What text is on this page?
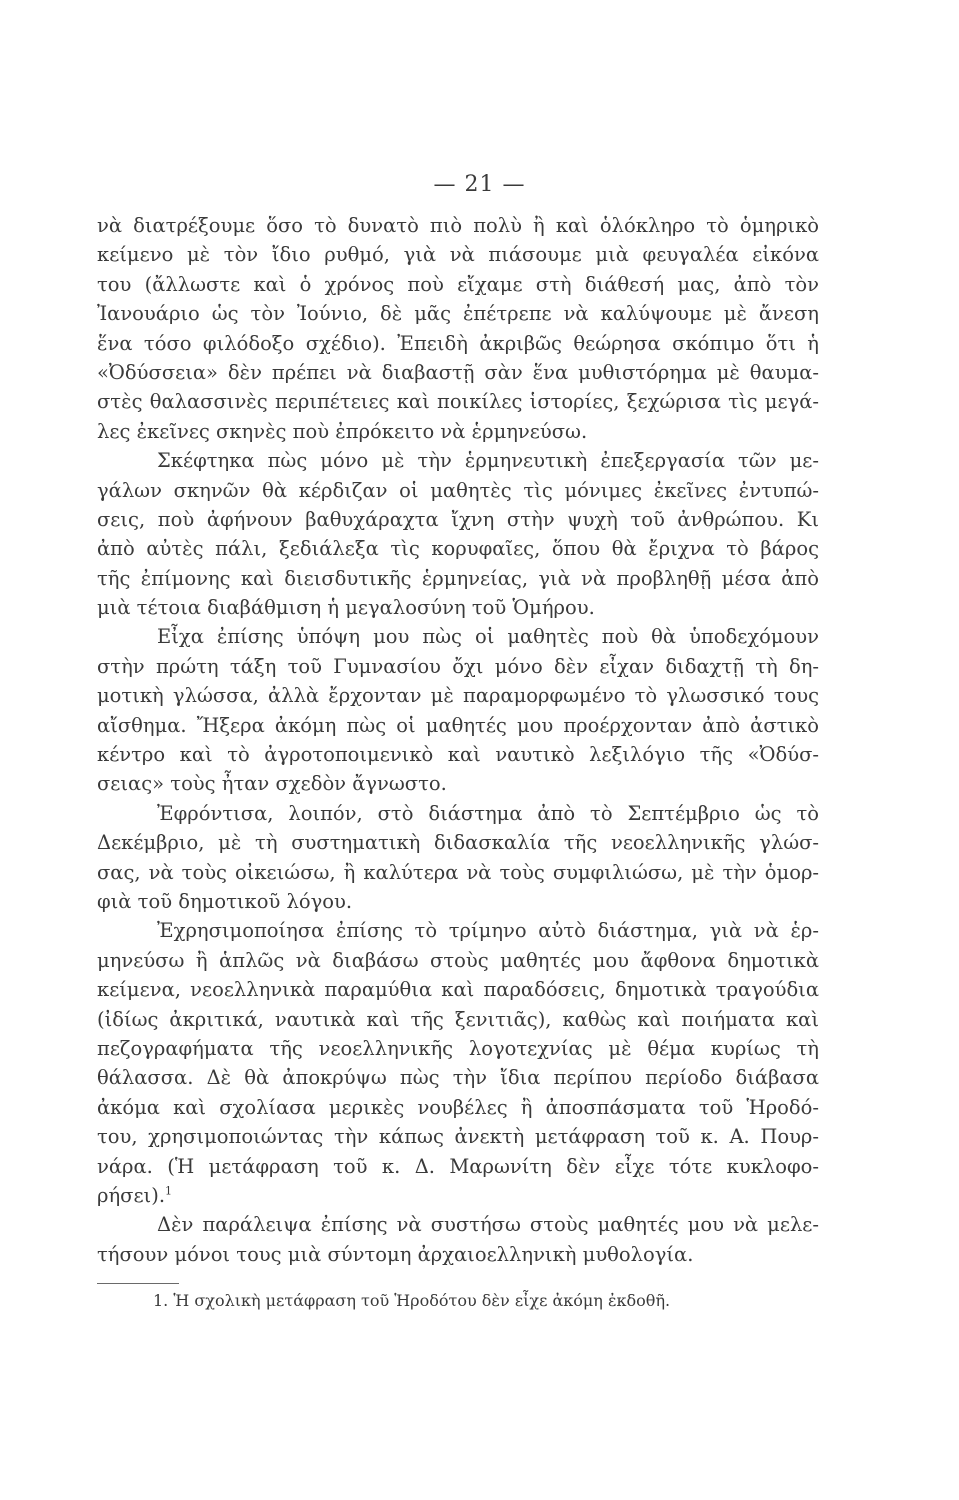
— 21 —
νὰ διατρέξουμε ὅσο τὸ δυνατὸ πιὸ πολὺ ἢ καὶ ὁλόκληρο τὸ ὁμηρικὸ
κείμενο μὲ τὸν ἴδιο ρυθμό, γιὰ νὰ πιάσουμε μιὰ φευγαλέα εἰκόνα
του (ἄλλωστε καὶ ὁ χρόνος ποὺ εἴχαμε στὴ διάθεσή μας, ἀπὸ τὸν
Ἰανουάριο ὡς τὸν Ἰούνιο, δὲ μᾶς ἐπέτρεπε νὰ καλύψουμε μὲ ἄνεση
ἕνα τόσο φιλόδοξο σχέδιο). Ἐπειδὴ ἀκριβῶς θεώρησα σκόπιμο ὅτι ἡ
«Ὀδύσσεια» δὲν πρέπει νὰ διαβαστῇ σὰν ἕνα μυθιστόρημα μὲ θαυμα-
στὲς θαλασσινὲς περιπέτειες καὶ ποικίλες ἱστορίες, ξεχώρισα τὶς μεγά-
λες ἐκεῖνες σκηνὲς ποὺ ἐπρόκειτο νὰ ἑρμηνεύσω.
Σκέφτηκα πὼς μόνο μὲ τὴν ἑρμηνευτικὴ ἐπεξεργασία τῶν με-
γάλων σκηνῶν θὰ κέρδιζαν οἱ μαθητὲς τὶς μόνιμες ἐκεῖνες ἐντυπώ-
σεις, ποὺ ἀφήνουν βαθυχάραχτα ἴχνη στὴν ψυχὴ τοῦ ἀνθρώπου. Κι
ἀπὸ αὐτὲς πάλι, ξεδιάλεξα τὶς κορυφαῖες, ὅπου θὰ ἔριχνα τὸ βάρος
τῆς ἐπίμονης καὶ διεισδυτικῆς ἑρμηνείας, γιὰ νὰ προβληθῇ μέσα ἀπὸ
μιὰ τέτοια διαβάθμιση ἡ μεγαλοσύνη τοῦ Ὁμήρου.
Εἶχα ἐπίσης ὑπόψη μου πὼς οἱ μαθητὲς ποὺ θὰ ὑποδεχόμουν
στὴν πρώτη τάξη τοῦ Γυμνασίου ὄχι μόνο δὲν εἶχαν διδαχτῇ τὴ δη-
μοτικὴ γλώσσα, ἀλλὰ ἔρχονταν μὲ παραμορφωμένο τὸ γλωσσικό τους
αἴσθημα. Ἤξερα ἀκόμη πὼς οἱ μαθητές μου προέρχονταν ἀπὸ ἀστικὸ
κέντρο καὶ τὸ ἀγροτοποιμενικὸ καὶ ναυτικὸ λεξιλόγιο τῆς «Ὀδύσ-
σειας» τοὺς ἦταν σχεδὸν ἄγνωστο.
Ἐφρόντισα, λοιπόν, στὸ διάστημα ἀπὸ τὸ Σεπτέμβριο ὡς τὸ
Δεκέμβριο, μὲ τὴ συστηματικὴ διδασκαλία τῆς νεοελληνικῆς γλώσ-
σας, νὰ τοὺς οἰκειώσω, ἢ καλύτερα νὰ τοὺς συμφιλιώσω, μὲ τὴν ὁμορ-
φιὰ τοῦ δημοτικοῦ λόγου.
Ἐχρησιμοποίησα ἐπίσης τὸ τρίμηνο αὐτὸ διάστημα, γιὰ νὰ ἑρ-
μηνεύσω ἢ ἁπλῶς νὰ διαβάσω στοὺς μαθητές μου ἄφθονα δημοτικὰ
κείμενα, νεοελληνικὰ παραμύθια καὶ παραδόσεις, δημοτικὰ τραγούδια
(ἰδίως ἀκριτικά, ναυτικὰ καὶ τῆς ξενιτιᾶς), καθὼς καὶ ποιήματα καὶ
πεζογραφήματα τῆς νεοελληνικῆς λογοτεχνίας μὲ θέμα κυρίως τὴ
θάλασσα. Δὲ θὰ ἀποκρύψω πὼς τὴν ἴδια περίπου περίοδο διάβασα
ἀκόμα καὶ σχολίασα μερικὲς νουβέλες ἢ ἀποσπάσματα τοῦ Ἡροδό-
του, χρησιμοποιώντας τὴν κάπως ἀνεκτὴ μετάφραση τοῦ κ. Α. Πουρ-
νάρα. (Ἡ μετάφραση τοῦ κ. Δ. Μαρωνίτη δὲν εἶχε τότε κυκλοφο-
ρήσει).$^1$
Δὲν παράλειψα ἐπίσης νὰ συστήσω στοὺς μαθητές μου νὰ μελε-
τήσουν μόνοι τους μιὰ σύντομη ἀρχαιοελληνικὴ μυθολογία.
1. Ἡ σχολικὴ μετάφραση τοῦ Ἡροδότου δὲν εἶχε ἀκόμη ἐκδοθῆ.
